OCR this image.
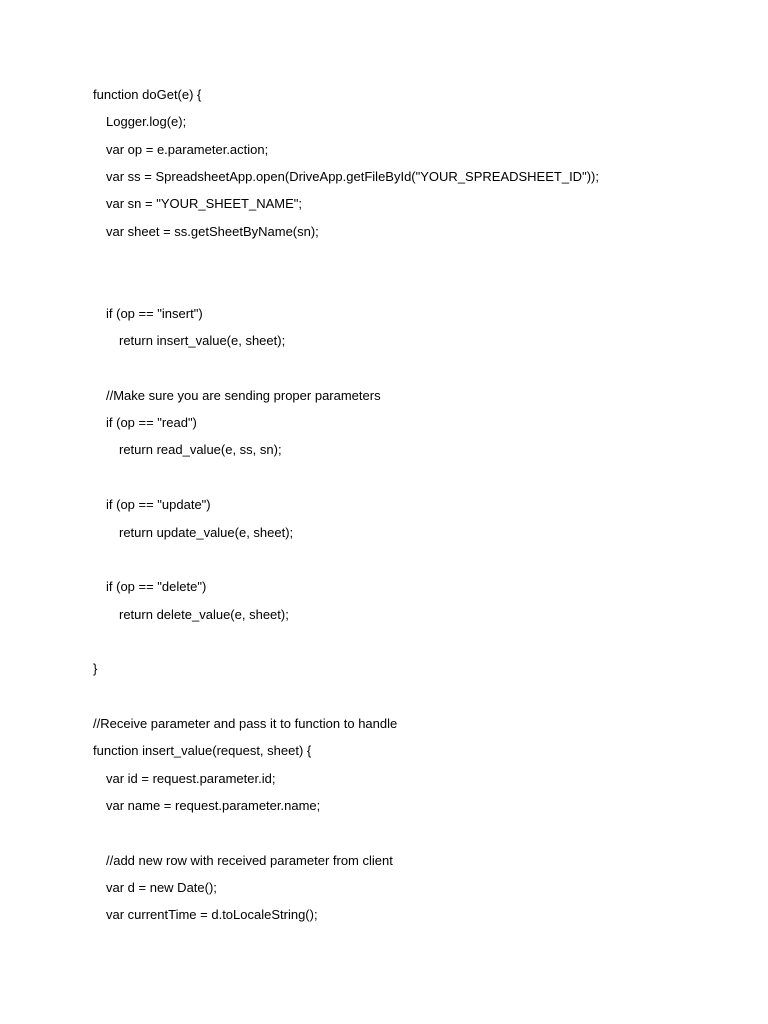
function doGet(e) {
Logger.log(e);
var op = e.parameter.action;
var ss = SpreadsheetApp.open(DriveApp.getFileById("YOUR_SPREADSHEET_ID"));
var sn = "YOUR_SHEET_NAME";
var sheet = ss.getSheetByName(sn);
if (op == "insert")
return insert_value(e, sheet);
//Make sure you are sending proper parameters
if (op == "read")
return read_value(e, ss, sn);
if (op == "update")
return update_value(e, sheet);
if (op == "delete")
return delete_value(e, sheet);
}
//Receive parameter and pass it to function to handle
function insert_value(request, sheet) {
var id = request.parameter.id;
var name = request.parameter.name;
//add new row with received parameter from client
var d = new Date();
var currentTime = d.toLocaleString();
